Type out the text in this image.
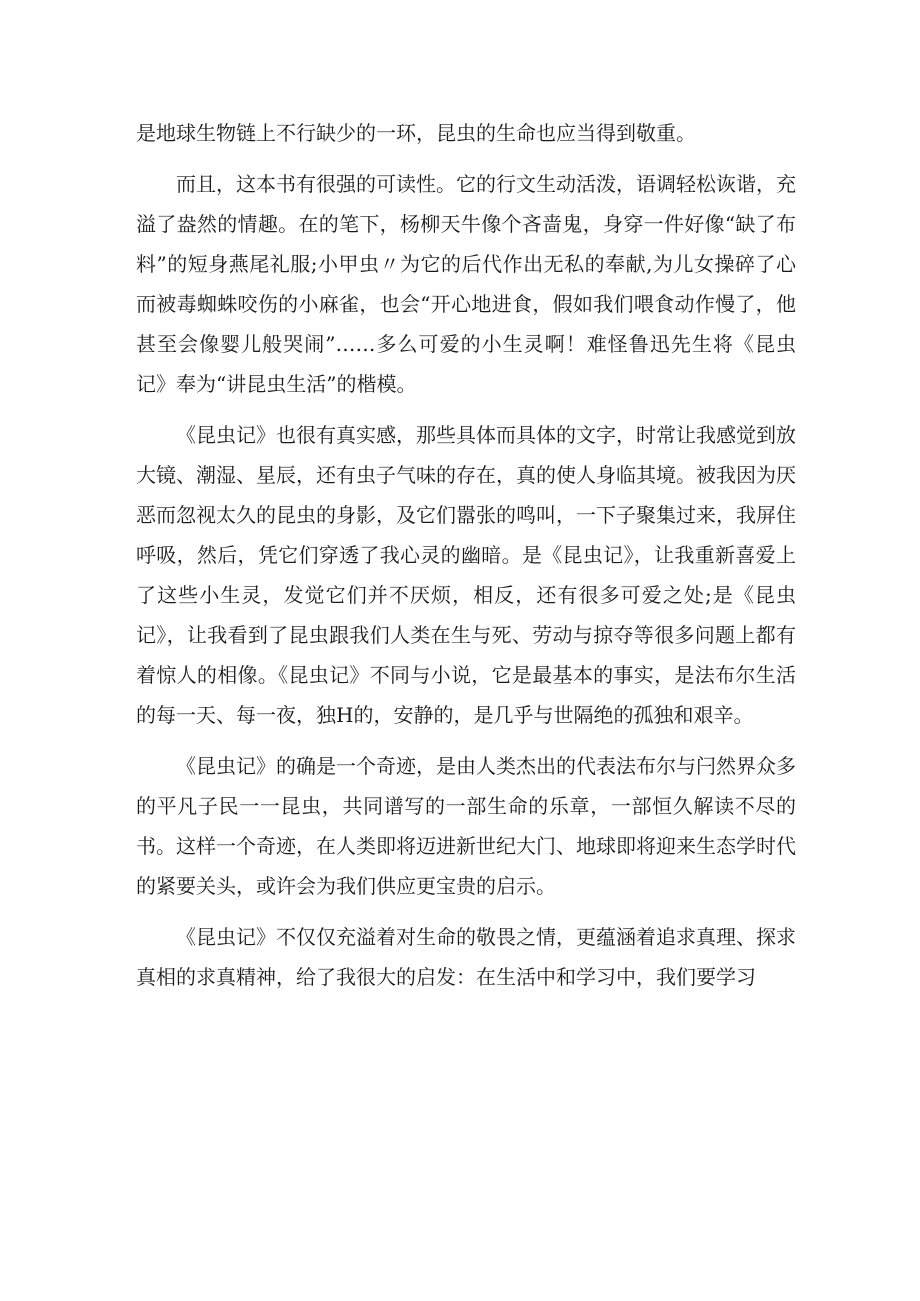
是地球生物链上不行缺少的一环，昆虫的生命也应当得到敬重。

而且，这本书有很强的可读性。它的行文生动活泼，语调轻松诙谐，充溢了盎然的情趣。在的笔下，杨柳天牛像个吝啬鬼，身穿一件好像“缺了布料”的短身燕尾礼服;小甲虫〃为它的后代作出无私的奉献,为儿女操碎了心而被毒蜘蛛咬伤的小麻雀，也会“开心地进食，假如我们喂食动作慢了，他甚至会像婴儿般哭闹”……多么可爱的小生灵啊！难怪鲁迅先生将《昆虫记》奉为“讲昆虫生活”的楷模。

《昆虫记》也很有真实感，那些具体而具体的文字，时常让我感觉到放大镜、潮湿、星辰，还有虫子气味的存在，真的使人身临其境。被我因为厌恶而忽视太久的昆虫的身影，及它们嚣张的鸣叫，一下子聚集过来，我屏住呼吸，然后，凭它们穿透了我心灵的幽暗。是《昆虫记》，让我重新喜爱上了这些小生灵，发觉它们并不厌烦，相反，还有很多可爱之处;是《昆虫记》，让我看到了昆虫跟我们人类在生与死、劳动与掠夺等很多问题上都有着惊人的相像。《昆虫记》不同与小说，它是最基本的事实，是法布尔生活的每一天、每一夜，独H的，安静的，是几乎与世隔绝的孤独和艰辛。

《昆虫记》的确是一个奇迹，是由人类杰出的代表法布尔与闩然界众多的平凡子民一一昆虫，共同谱写的一部生命的乐章，一部恒久解读不尽的书。这样一个奇迹，在人类即将迈进新世纪大门、地球即将迎来生态学时代的紧要关头，或许会为我们供应更宝贵的启示。

《昆虫记》不仅仅充溢着对生命的敬畏之情，更蕴涵着追求真理、探求真相的求真精神，给了我很大的启发：在生活中和学习中，我们要学习
